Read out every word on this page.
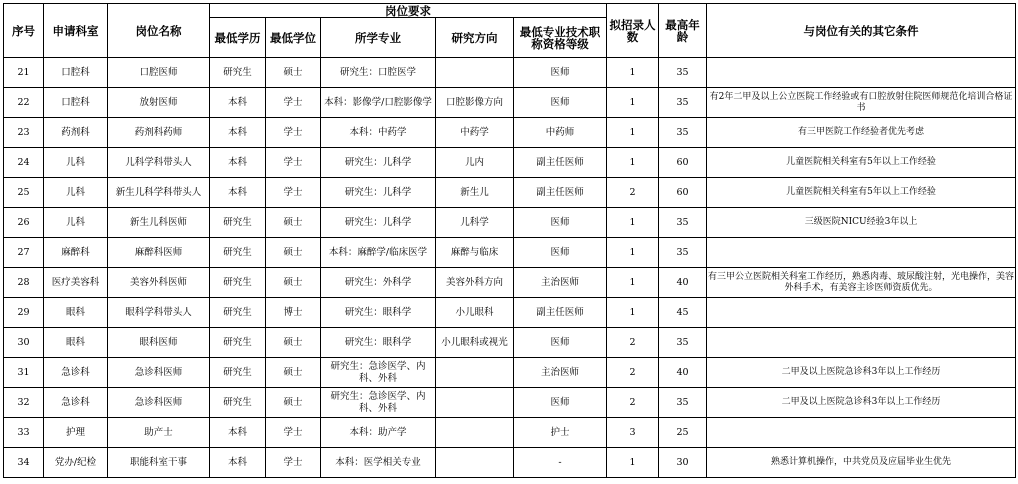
序号	申请科室	岗位名称	岗位要求					拟招录人数	最高年龄	与岗位有关的其它条件
			最低学历	最低学位	所学专业	研究方向	最低专业技术职称资格等级			
21	口腔科	口腔医师	研究生	硕士	研究生：口腔医学		医师	1	35	
22	口腔科	放射医师	本科	学士	本科：影像学/口腔影像学	口腔影像方向	医师	1	35	有2年二甲及以上公立医院工作经验或有口腔放射住院医师规范化培训合格证书
23	药剂科	药剂科药师	本科	学士	本科：中药学	中药学	中药师	1	35	有三甲医院工作经验者优先考虑
24	儿科	儿科学科带头人	本科	学士	研究生：儿科学	儿内	副主任医师	1	60	儿童医院相关科室有5年以上工作经验
25	儿科	新生儿科学科带头人	本科	学士	研究生：儿科学	新生儿	副主任医师	2	60	儿童医院相关科室有5年以上工作经验
26	儿科	新生儿科医师	研究生	硕士	研究生：儿科学	儿科学	医师	1	35	三级医院NICU经验3年以上
27	麻醉科	麻醉科医师	研究生	硕士	本科：麻醉学/临床医学	麻醉与临床	医师	1	35	
28	医疗美容科	美容外科医师	研究生	硕士	研究生：外科学	美容外科方向	主治医师	1	40	有三甲公立医院相关科室工作经历，熟悉肉毒、玻尿酸注射，光电操作，美容外科手术，有美容主诊医师资质优先。
29	眼科	眼科学科带头人	研究生	博士	研究生：眼科学	小儿眼科	副主任医师	1	45	
30	眼科	眼科医师	研究生	硕士	研究生：眼科学	小儿眼科或视光	医师	2	35	
31	急诊科	急诊科医师	研究生	硕士	研究生：急诊医学、内科、外科		主治医师	2	40	二甲及以上医院急诊科3年以上工作经历
32	急诊科	急诊科医师	研究生	硕士	研究生：急诊医学、内科、外科		医师	2	35	二甲及以上医院急诊科3年以上工作经历
33	护理	助产士	本科	学士	本科：助产学		护士	3	25	
34	党办/纪检	职能科室干事	本科	学士	本科：医学相关专业		-	1	30	熟悉计算机操作，中共党员及应届毕业生优先
